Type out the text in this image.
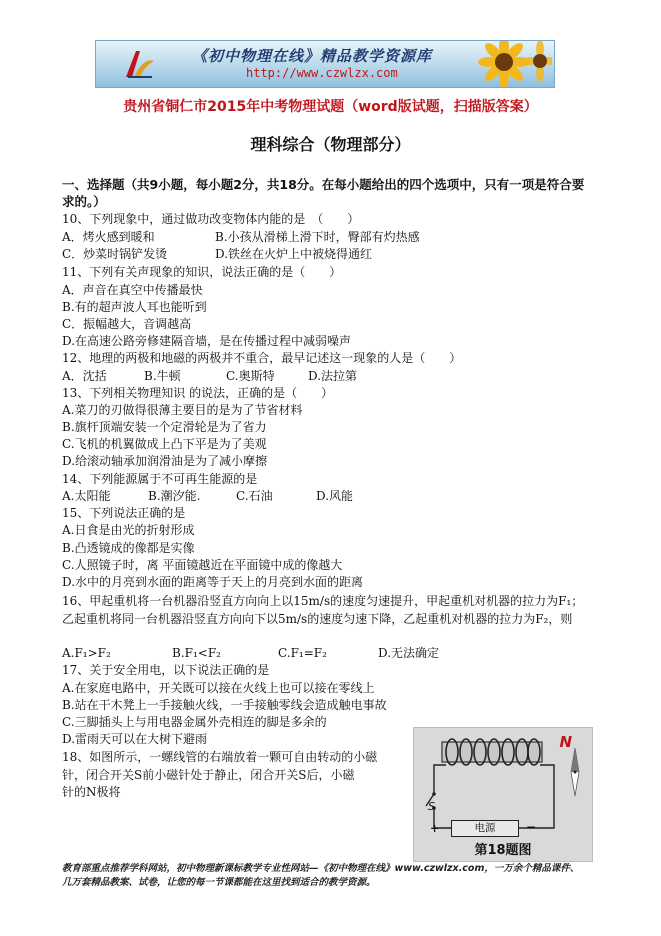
《初中物理在线》精品教学资源库
http://www.czwlzx.com
贵州省铜仁市2015年中考物理试题（word版试题，扫描版答案）
理科综合（物理部分）
一、选择题（共9小题，每小题2分，共18分。在每小题给出的四个选项中，只有一项是符合要求的。）
10、下列现象中，通过做功改变物体内能的是　（　　）
A．烤火感到暖和	B.小孩从滑梯上滑下时，臀部有灼热感
C．炒菜时锅铲发烫	D.铁丝在火炉上中被烧得通红
11、下列有关声现象的知识，说法正确的是（　　）
A．声音在真空中传播最快
B.有的超声波人耳也能听到
C．振幅越大，音调越高
D.在高速公路旁修建隔音墙，是在传播过程中减弱噪声
12、地理的两极和地磁的两极并不重合，最早记述这一现象的人是（　　）
A．沈括	B.牛顿	C.奥斯特	D.法拉第
13、下列相关物理知识 的说法，正确的是（　　）
A.菜刀的刃做得很薄主要目的是为了节省材料
B.旗杆顶端安装一个定滑轮是为了省力
C.飞机的机翼做成上凸下平是为了美观
D.给滚动轴承加润滑油是为了减小摩擦
14、下列能源属于不可再生能源的是
A.太阳能	B.潮汐能.	C.石油	D.风能
15、下列说法正确的是
A.日食是由光的折射形成
B.凸透镜成的像都是实像
C.人照镜子时，离 平面镜越近在平面镜中成的像越大
D.水中的月亮到水面的距离等于天上的月亮到水面的距离
16、甲起重机将一台机器沿竖直方向向上以15m/s的速度匀速提升，甲起重机对机器的拉力为F₁；乙起重机将同一台机器沿竖直方向向下以5m/s的速度匀速下降，乙起重机对机器的拉力为F₂，则
A.F₁>F₂	B.F₁<F₂	C.F₁=F₂	D.无法确定
17、关于安全用电，以下说法正确的是
A.在家庭电路中，开关既可以接在火线上也可以接在零线上
B.站在干木凳上一手接触火线，一手接触零线会造成触电事故
C.三脚插头上与用电器金属外壳相连的脚是多余的
D.雷雨天可以在大树下避雨
18、如图所示，一螺线管的右端放着一颗可自由转动的小磁
针，闭合开关S前小磁针处于静止，闭合开关S后，小磁
针的N极将
N
S
+	电源	−
第18题图
教育部重点推荐学科网站，初中物理新课标教学专业性网站—《初中物理在线》www.czwlzx.com，一万余个精品课件、
几万套精品教案、试卷，让您的每一节课都能在这里找到适合的教学资源。
